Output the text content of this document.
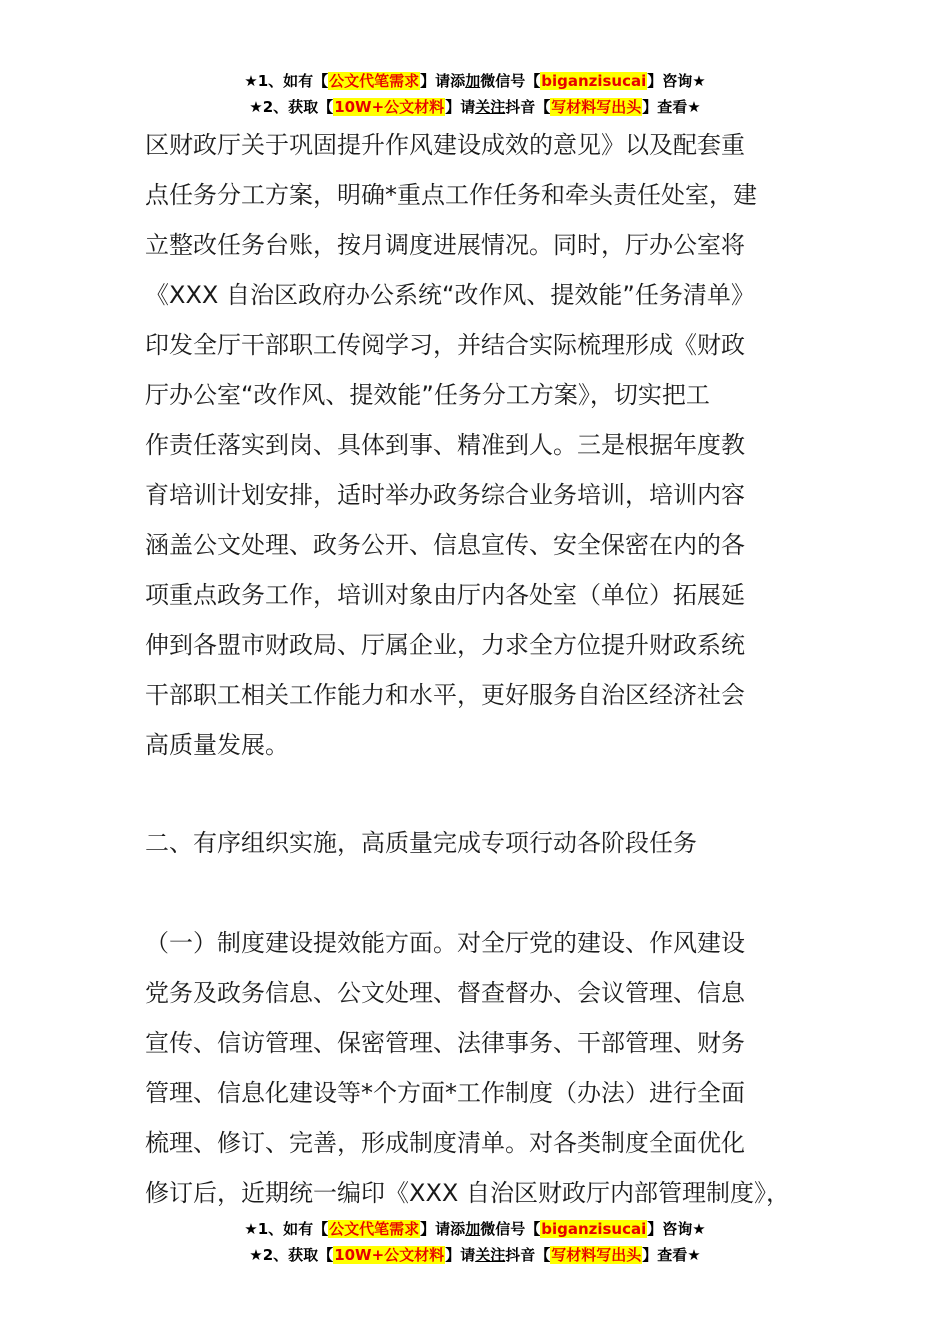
★1、如有【公文代笔需求】请添加微信号【biganzisucai】咨询★
★2、获取【10W+公文材料】请关注抖音【写材料写出头】查看★
区财政厅关于巩固提升作风建设成效的意见》以及配套重
点任务分工方案，明确*重点工作任务和牵头责任处室，建
立整改任务台账，按月调度进展情况。同时，厅办公室将
《XXX 自治区政府办公系统“改作风、提效能”任务清单》
印发全厅干部职工传阅学习，并结合实际梳理形成《财政
厅办公室“改作风、提效能”任务分工方案》，切实把工
作责任落实到岗、具体到事、精准到人。三是根据年度教
育培训计划安排，适时举办政务综合业务培训，培训内容
涵盖公文处理、政务公开、信息宣传、安全保密在内的各
项重点政务工作，培训对象由厅内各处室（单位）拓展延
伸到各盟市财政局、厅属企业，力求全方位提升财政系统
干部职工相关工作能力和水平，更好服务自治区经济社会
高质量发展。
二、有序组织实施，高质量完成专项行动各阶段任务
（一）制度建设提效能方面。对全厅党的建设、作风建设
党务及政务信息、公文处理、督查督办、会议管理、信息
宣传、信访管理、保密管理、法律事务、干部管理、财务
管理、信息化建设等*个方面*工作制度（办法）进行全面
梳理、修订、完善，形成制度清单。对各类制度全面优化
修订后，近期统一编印《XXX 自治区财政厅内部管理制度》，
★1、如有【公文代笔需求】请添加微信号【biganzisucai】咨询★
★2、获取【10W+公文材料】请关注抖音【写材料写出头】查看★
